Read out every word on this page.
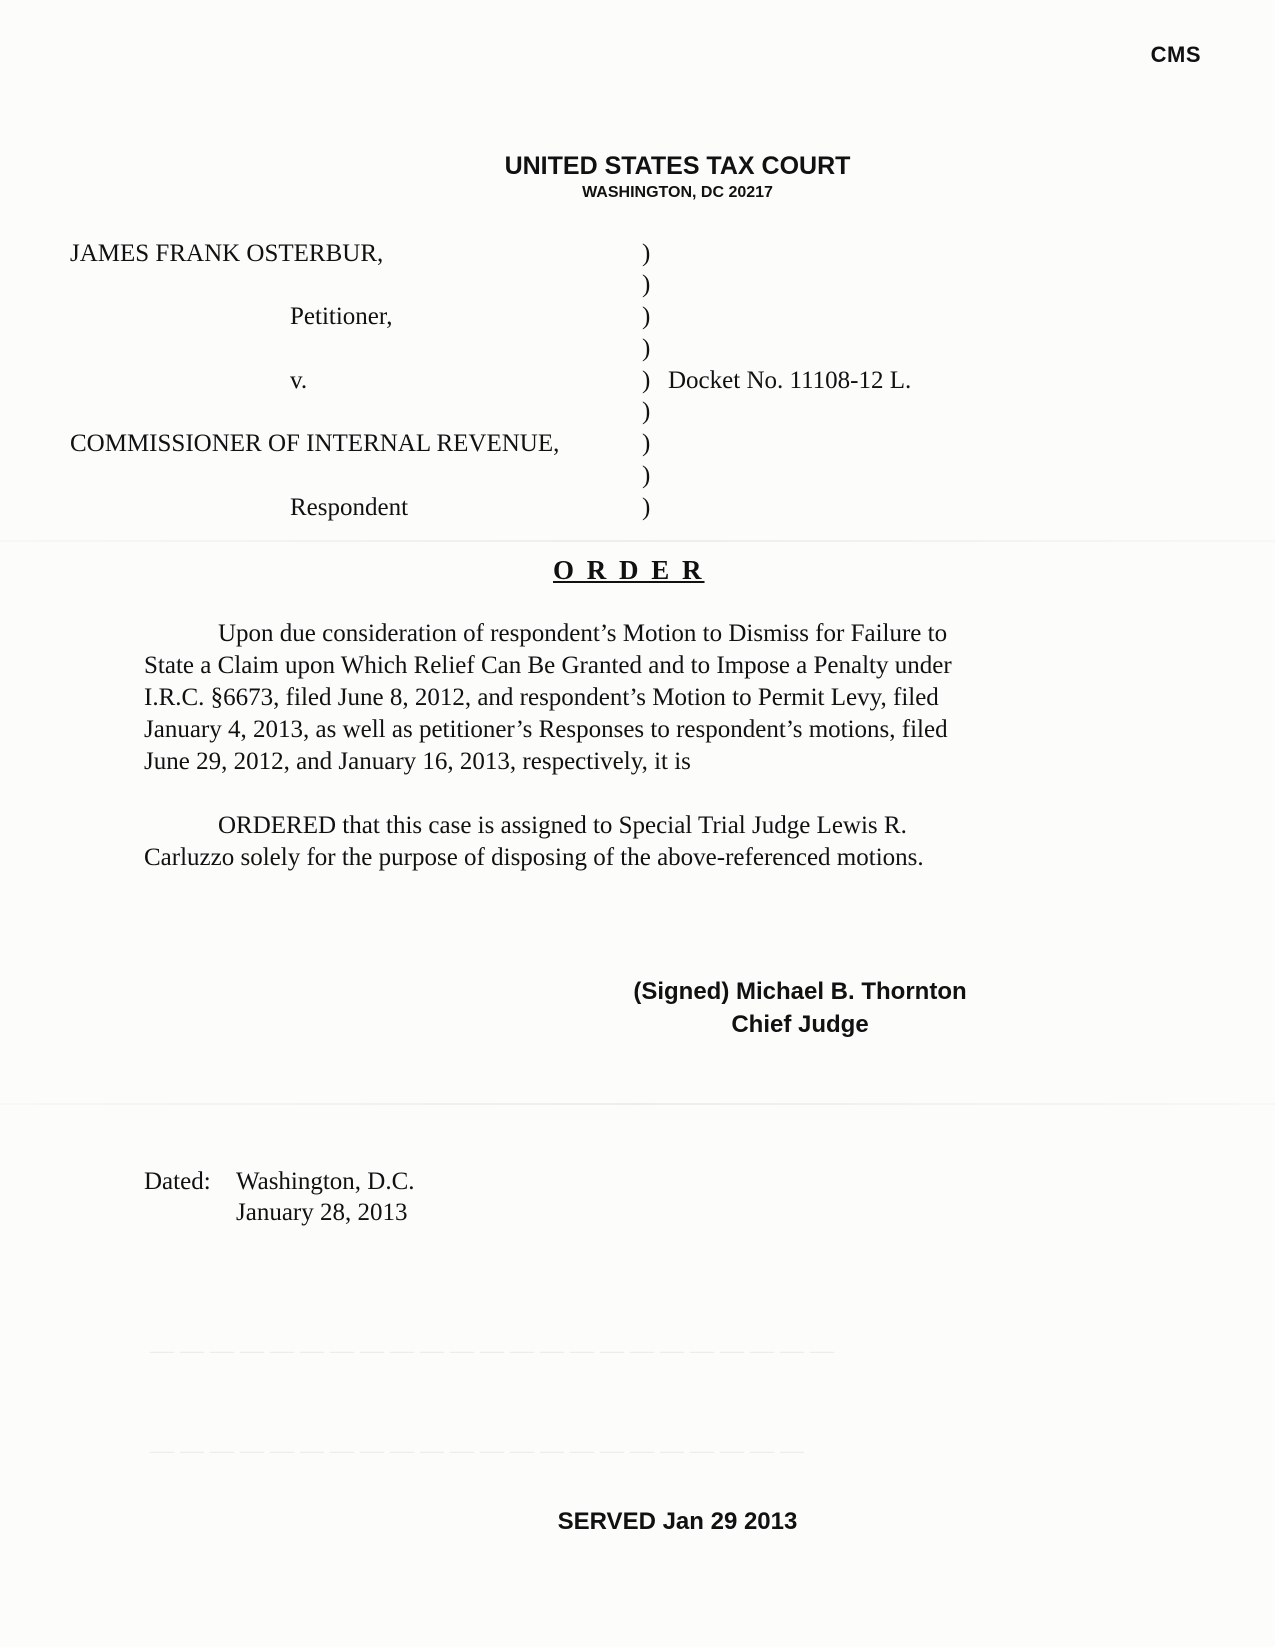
— — — — — — — — — — — — — — — — — — — — — — —
— — — — — — — — — — — — — — — — — — — — — —
CMS
UNITED STATES TAX COURT
WASHINGTON, DC 20217
JAMES FRANK OSTERBUR,
Petitioner,
v.
COMMISSIONER OF INTERNAL REVENUE,
Respondent
)
)
)
)
)
)
)
)
)
Docket No. 11108-12 L.
O R D E R
Upon due consideration of respondent’s Motion to Dismiss for Failure to
State a Claim upon Which Relief Can Be Granted and to Impose a Penalty under
I.R.C. §6673, filed June 8, 2012, and respondent’s Motion to Permit Levy, filed
January 4, 2013, as well as petitioner’s Responses to respondent’s motions, filed
June 29, 2012, and January 16, 2013, respectively, it is
ORDERED that this case is assigned to Special Trial Judge Lewis R.
Carluzzo solely for the purpose of disposing of the above-referenced motions.
(Signed) Michael B. Thornton
Chief Judge
Dated: Washington, D.C.
January 28, 2013
SERVED Jan 29 2013
